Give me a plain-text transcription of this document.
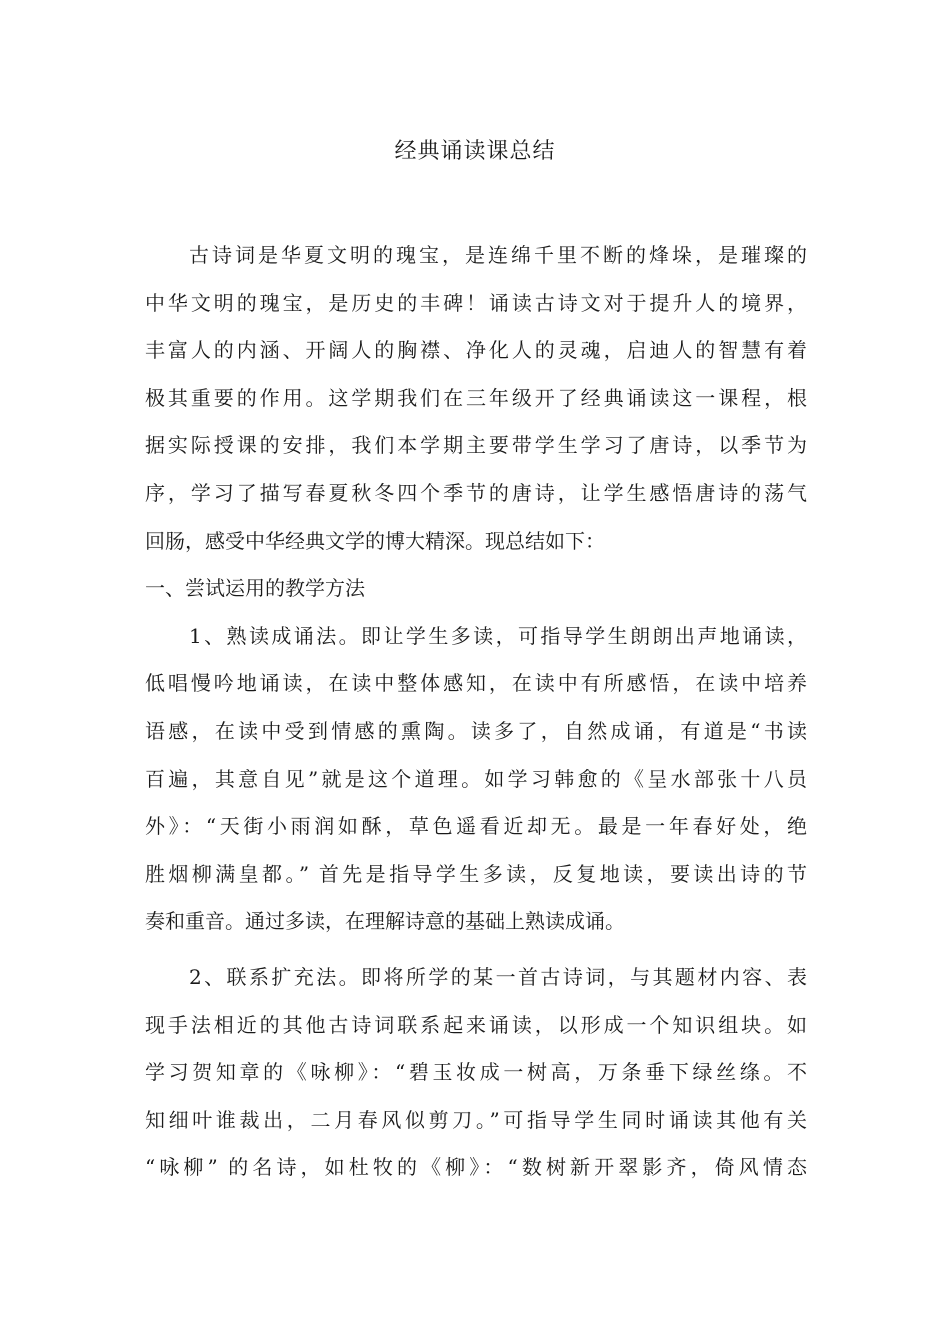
经典诵读课总结
古诗词是华夏文明的瑰宝，是连绵千里不断的烽垛，是璀璨的
中华文明的瑰宝，是历史的丰碑！诵读古诗文对于提升人的境界，
丰富人的内涵、开阔人的胸襟、净化人的灵魂，启迪人的智慧有着
极其重要的作用。这学期我们在三年级开了经典诵读这一课程，根
据实际授课的安排，我们本学期主要带学生学习了唐诗，以季节为
序，学习了描写春夏秋冬四个季节的唐诗，让学生感悟唐诗的荡气
回肠，感受中华经典文学的博大精深。现总结如下：
一、尝试运用的教学方法
1、熟读成诵法。即让学生多读，可指导学生朗朗出声地诵读，
低唱慢吟地诵读，在读中整体感知，在读中有所感悟，在读中培养
语感，在读中受到情感的熏陶。读多了，自然成诵，有道是“书读
百遍，其意自见”就是这个道理。如学习韩愈的《呈水部张十八员
外》：“天街小雨润如酥，草色遥看近却无。最是一年春好处，绝
胜烟柳满皇都。” 首先是指导学生多读，反复地读，要读出诗的节
奏和重音。通过多读，在理解诗意的基础上熟读成诵。
2、联系扩充法。即将所学的某一首古诗词，与其题材内容、表
现手法相近的其他古诗词联系起来诵读，以形成一个知识组块。如
学习贺知章的《咏柳》：“碧玉妆成一树高，万条垂下绿丝绦。不
知细叶谁裁出，二月春风似剪刀。”可指导学生同时诵读其他有关
“咏柳” 的名诗，如杜牧的《柳》：“数树新开翠影齐，倚风情态
